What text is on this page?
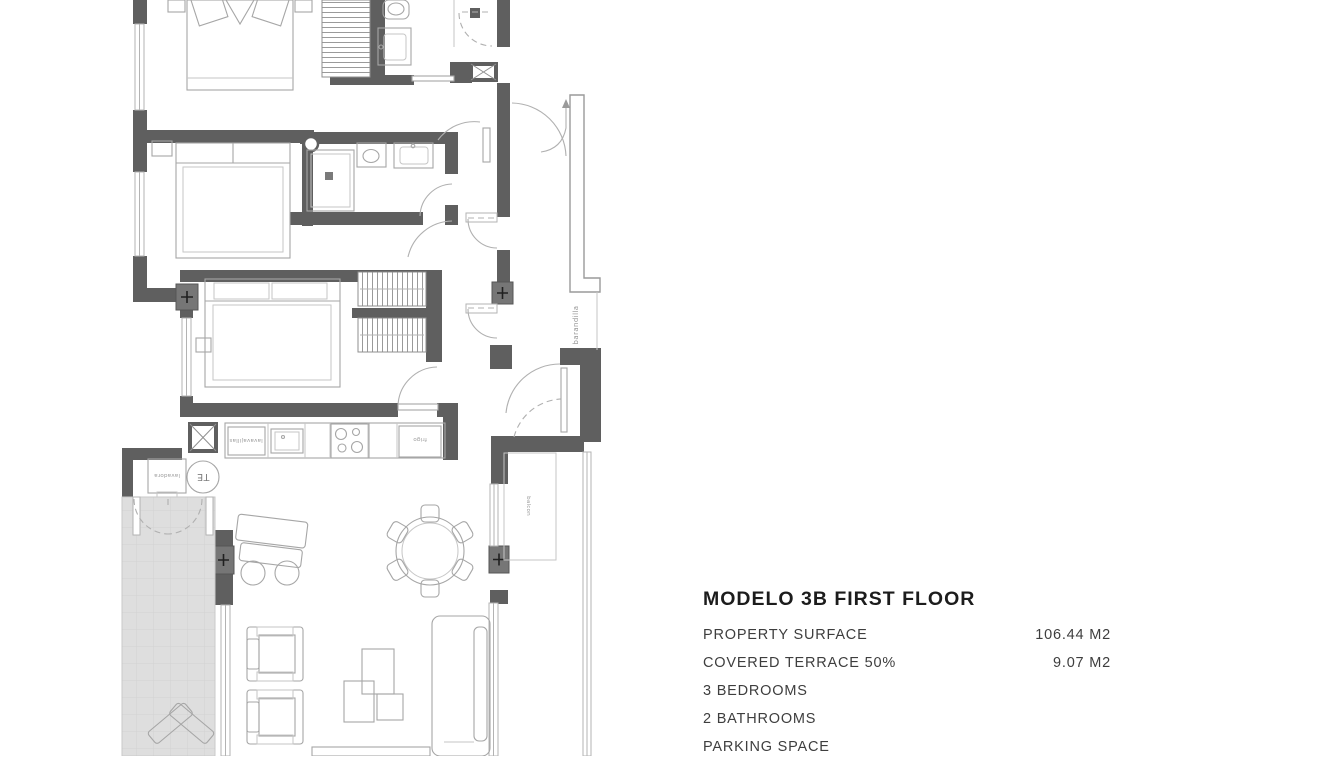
barandilla
balcon
lavavajillas	frigo
lavadora TE
MODELO 3B FIRST FLOOR
PROPERTY SURFACE	106.44 M2
COVERED TERRACE 50%	9.07 M2
3 BEDROOMS
2 BATHROOMS
PARKING SPACE
